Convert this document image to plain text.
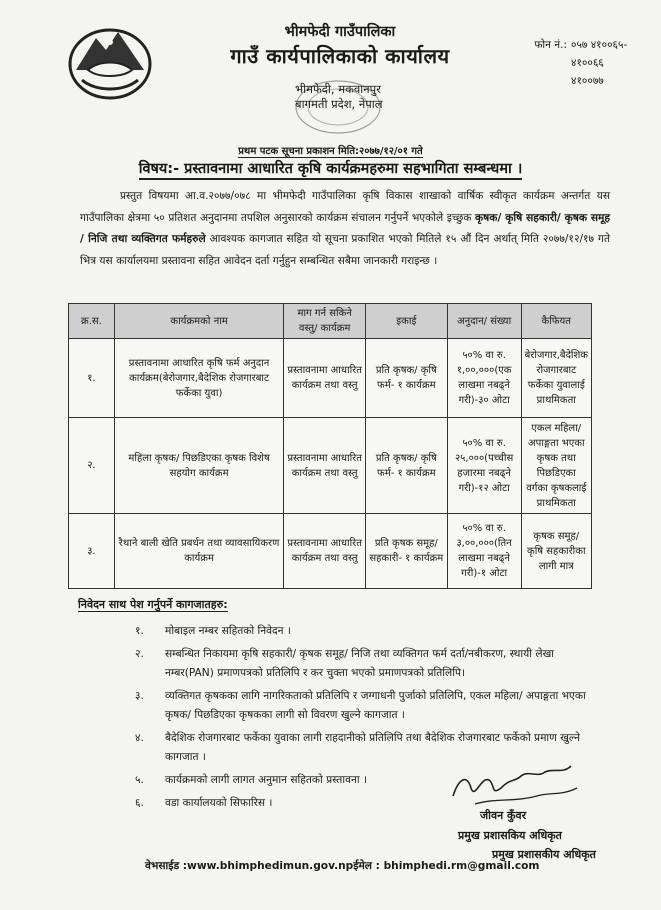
भीमफेदी गाउँपालिका
गाउँ कार्यपालिकाको कार्यालय
भीमफेदी, मकवानपुर
बागमती प्रदेश, नेपाल
फोन नं.: ०५७ ४१००६५-
४१००६६
४१००७७
प्रथम पटक सूचना प्रकाशन मिति:२०७७/१२/०१ गते
विषय:- प्रस्तावनामा आधारित कृषि कार्यक्रमहरुमा सहभागिता सम्बन्धमा ।
प्रस्तुत विषयमा आ.व.२०७७/०७८ मा भीमफेदी गाउँपालिका कृषि विकास शाखाको वार्षिक स्वीकृत कार्यक्रम अन्तर्गत यस गाउँपालिका क्षेत्रमा ५० प्रतिशत अनुदानमा तपशिल अनुसारको कार्यक्रम संचालन गर्नुपर्ने भएकोले इच्छुक कृषक/ कृषि सहकारी/ कृषक समूह / निजि तथा व्यक्तिगत फर्महरुले आवश्यक कागजात सहित यो सूचना प्रकाशित भएको मितिले १५ औं दिन अर्थात् मिति २०७७/१२/१७ गते भित्र यस कार्यालयमा प्रस्तावना सहित आवेदन दर्ता गर्नुहुन सम्बन्धित सबैमा जानकारी गराइन्छ ।
क्र.स.	कार्यक्रमको नाम	माग गर्न सकिने वस्तु/ कार्यक्रम	इकाई	अनुदान/ संख्या	कैफियत
१.	प्रस्तावनामा आधारित कृषि फर्म अनुदान कार्यक्रम(बेरोजगार,बैदेशिक रोजगारबाट फर्केका युवा)	प्रस्तावनामा आधारित कार्यक्रम तथा वस्तु	प्रति कृषक/ कृषि फर्म- १ कार्यक्रम	५०% वा रु. १,००,०००(एक लाखमा नबढ्ने गरी)-३० ओटा	बेरोजगार,बैदेशिक रोजगारबाट फर्केका युवालाई प्राथमिकता
२.	महिला कृषक/ पिछडिएका कृषक विशेष सहयोग कार्यक्रम	प्रस्तावनामा आधारित कार्यक्रम तथा वस्तु	प्रति कृषक/ कृषि फर्म- १ कार्यक्रम	५०% वा रु. २५,०००(पच्चीस हजारमा नबढ्ने गरी)-१२ ओटा	एकल महिला/ अपाङ्गता भएका कृषक तथा पिछडिएका वर्गका कृषकलाई प्राथमिकता
३.	रैथाने बाली खेति प्रबर्धन तथा व्यावसायिकरण कार्यक्रम	प्रस्तावनामा आधारित कार्यक्रम तथा वस्तु	प्रति कृषक समूह/ सहकारी- १ कार्यक्रम	५०% वा रु. ३,००,०००(तिन लाखमा नबढ्ने गरी)-१ ओटा	कृषक समूह/ कृषि सहकारीका लागी मात्र
निवेदन साथ पेश गर्नुपर्ने कागजातहरु:
१.	मोबाइल नम्बर सहितको निवेदन ।
२.	सम्बन्धित निकायमा कृषि सहकारी/ कृषक समूह/ निजि तथा व्यक्तिगत फर्म दर्ता/नबीकरण, स्थायी लेखा नम्बर(PAN) प्रमाणपत्रको प्रतिलिपि र कर चुक्ता भएको प्रमाणपत्रको प्रतिलिपि।
३.	व्यक्तिगत कृषकका लागि नागरिकताको प्रतिलिपि र जग्गाधनी पुर्जाको प्रतिलिपि, एकल महिला/ अपाङ्गता भएका कृषक/ पिछडिएका कृषकका लागी सो विवरण खुल्ने कागजात ।
४.	बैदेशिक रोजगारबाट फर्केका युवाका लागी राहदानीको प्रतिलिपि तथा बैदेशिक रोजगारबाट फर्केको प्रमाण खुल्ने कागजात ।
५.	कार्यक्रमको लागी लागत अनुमान सहितको प्रस्तावना ।
६.	वडा कार्यालयको सिफारिस ।
जीवन कुँवर
प्रमुख प्रशासकिय अधिकृत
प्रमुख प्रशासकीय अधिकृत
वेभसाईड :www.bhimphedimun.gov.npईमेल : bhimphedi.rm@gmail.com
